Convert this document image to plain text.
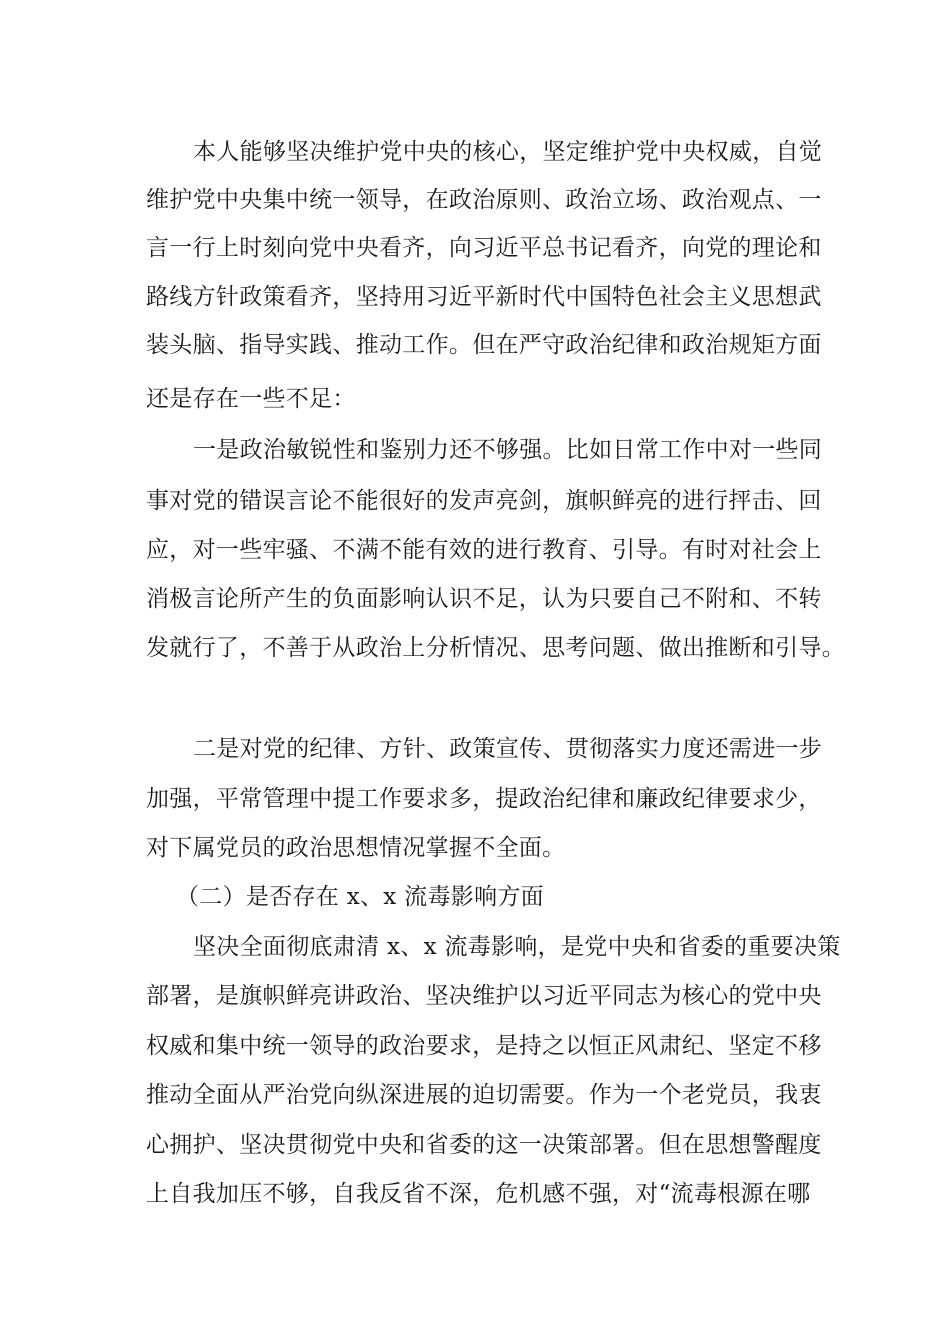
本人能够坚决维护党中央的核心，坚定维护党中央权威，自觉
维护党中央集中统一领导，在政治原则、政治立场、政治观点、一
言一行上时刻向党中央看齐，向习近平总书记看齐，向党的理论和
路线方针政策看齐，坚持用习近平新时代中国特色社会主义思想武
装头脑、指导实践、推动工作。但在严守政治纪律和政治规矩方面
还是存在一些不足：
一是政治敏锐性和鉴别力还不够强。比如日常工作中对一些同
事对党的错误言论不能很好的发声亮剑，旗帜鲜亮的进行抨击、回
应，对一些牢骚、不满不能有效的进行教育、引导。有时对社会上
消极言论所产生的负面影响认识不足，认为只要自己不附和、不转
发就行了，不善于从政治上分析情况、思考问题、做出推断和引导。
二是对党的纪律、方针、政策宣传、贯彻落实力度还需进一步
加强，平常管理中提工作要求多，提政治纪律和廉政纪律要求少，
对下属党员的政治思想情况掌握不全面。
（二）是否存在 x、x 流毒影响方面
坚决全面彻底肃清 x、x 流毒影响，是党中央和省委的重要决策
部署，是旗帜鲜亮讲政治、坚决维护以习近平同志为核心的党中央
权威和集中统一领导的政治要求，是持之以恒正风肃纪、坚定不移
推动全面从严治党向纵深进展的迫切需要。作为一个老党员，我衷
心拥护、坚决贯彻党中央和省委的这一决策部署。但在思想警醒度
上自我加压不够，自我反省不深，危机感不强，对“流毒根源在哪
